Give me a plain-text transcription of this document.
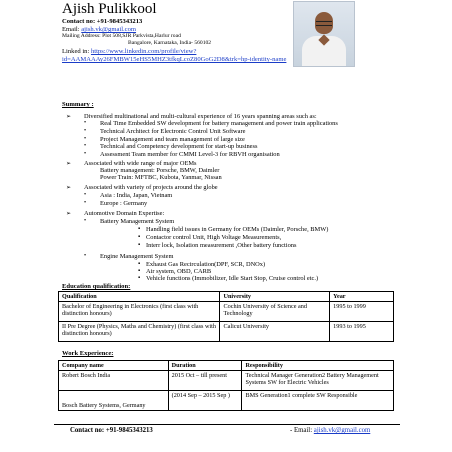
Ajish Pulikkool
Contact no: +91-9845343213
Email: ajish.vk@gmail.com
Mailing Address: Plot 508,SJR Parkvista,Harlur road
Bangalore, Karnataka, India- 560102
Linked in: https://www.linkedin.com/profile/view?
id=AAMAAAy26FMBW15eHS5MHZ3tfkqLcoZ80GoG2D8&trk=hp-identity-name
Summary :
➢ Diversified multinational and multi-cultural experience of 16 years spanning areas such as:
• Real Time Embedded SW development for battery management and power train applications
• Technical Architect for Electronic Control Unit Software
• Project Management and team management of large size
• Technical and Competency development for start-up business
• Assessment Team member for CMMI Level-3 for RBVH organisation
➢ Associated with wide range of major OEMs
Battery management: Porsche, BMW, Daimler
Power Train: MFTBC, Kubota, Yanmar, Nissan
➢ Associated with variety of projects around the globe
• Asia : India, Japan, Vietnam
• Europe : Germany
➢ Automotive Domain Expertise:
• Battery Management System
▪ Handling field issues in Germany for OEMs (Daimler, Porsche, BMW)
▪ Contactor control Unit, High Voltage Measurements,
▪ Interr lock, Isolation measurement ,Other battery functions
• Engine Management System
▪ Exhaust Gas Recirculation(DPF, SCR, DNOx)
▪ Air system, OBD, CARB
▪ Vehicle functions (Immobilizer, Idle Start Stop, Cruise control etc.)
Education qualification:
Qualification	University	Year
Bachelor of Engineering in Electronics (first class with distinction honours)	Cochin University of Science and Technology	1995 to 1999
II Pre Degree (Physics, Maths and Chemistry) (first class with distinction honours)	Calicut University	1993 to 1995
Work Experience:
Company name	Duration	Responsibility
Robert Bosch India	2015 Oct – till present	Technical Manager Generation2 Battery Management Systems SW for Electric Vehicles
Bosch Battery Systems, Germany	(2014 Sep – 2015 Sep )	BMS Generation1 complete SW Responsible
Contact no: +91-9845343213	- Email: ajish.vk@gmail.com
